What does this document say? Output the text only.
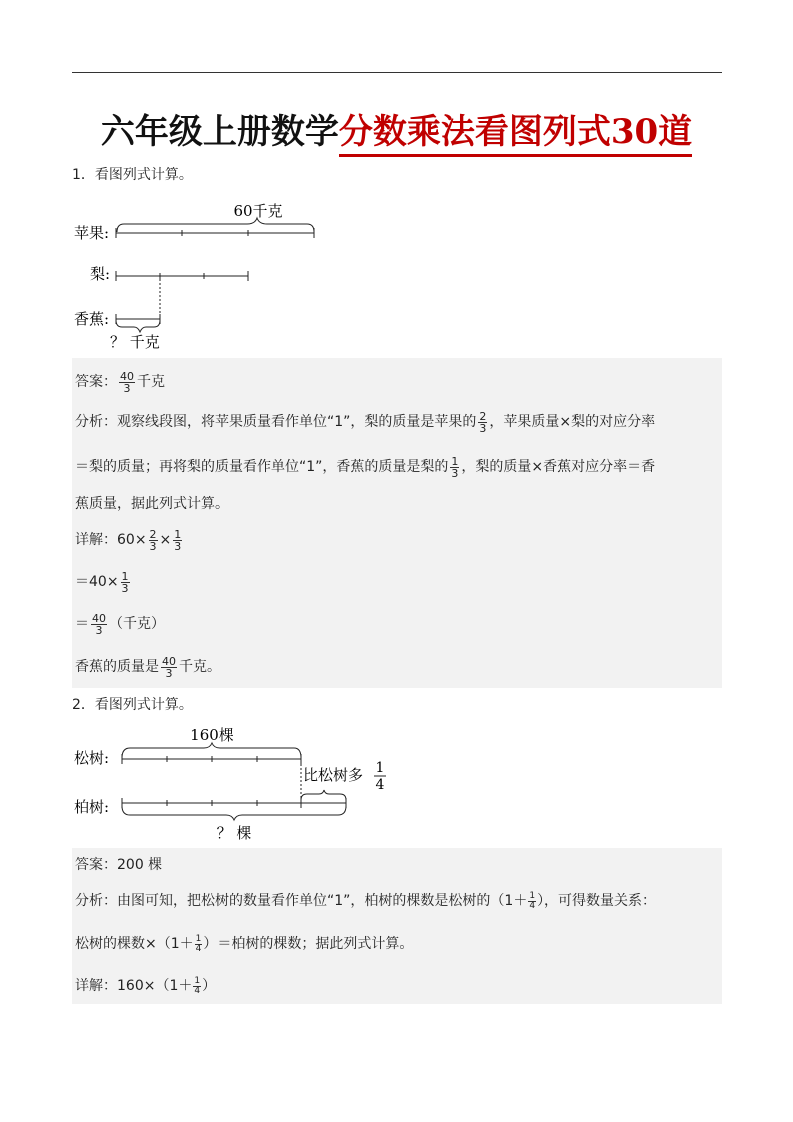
六年级上册数学分数乘法看图列式30道
1．看图列式计算。
60千克
苹果:
梨:
香蕉:
？ 千克
答案： $\frac{40}{3}$ 千克
分析：观察线段图，将苹果质量看作单位“1”，梨的质量是苹果的 $\frac{2}{3}$ ，苹果质量×梨的对应分率
＝梨的质量；再将梨的质量看作单位“1”，香蕉的质量是梨的 $\frac{1}{3}$ ，梨的质量×香蕉对应分率＝香
蕉质量，据此列式计算。
详解：$60\times \frac{2}{3} \times \frac{1}{3}$
$=40\times \frac{1}{3}$
＝ $\frac{40}{3}$ （千克）
香蕉的质量是 $\frac{40}{3}$ 千克。
2．看图列式计算。
160棵
松树:
比松树多 1
4
柏树:
？ 棵
答案：200 棵
分析：由图可知，把松树的数量看作单位“1”，柏树的棵数是松树的（$1+ \frac{1}{4}$ ），可得数量关系：
松树的棵数$\times(1+ \frac{1}{4}$ ）＝柏树的棵数；据此列式计算。
详解：$160\times(1+ \frac{1}{4}$ ）
